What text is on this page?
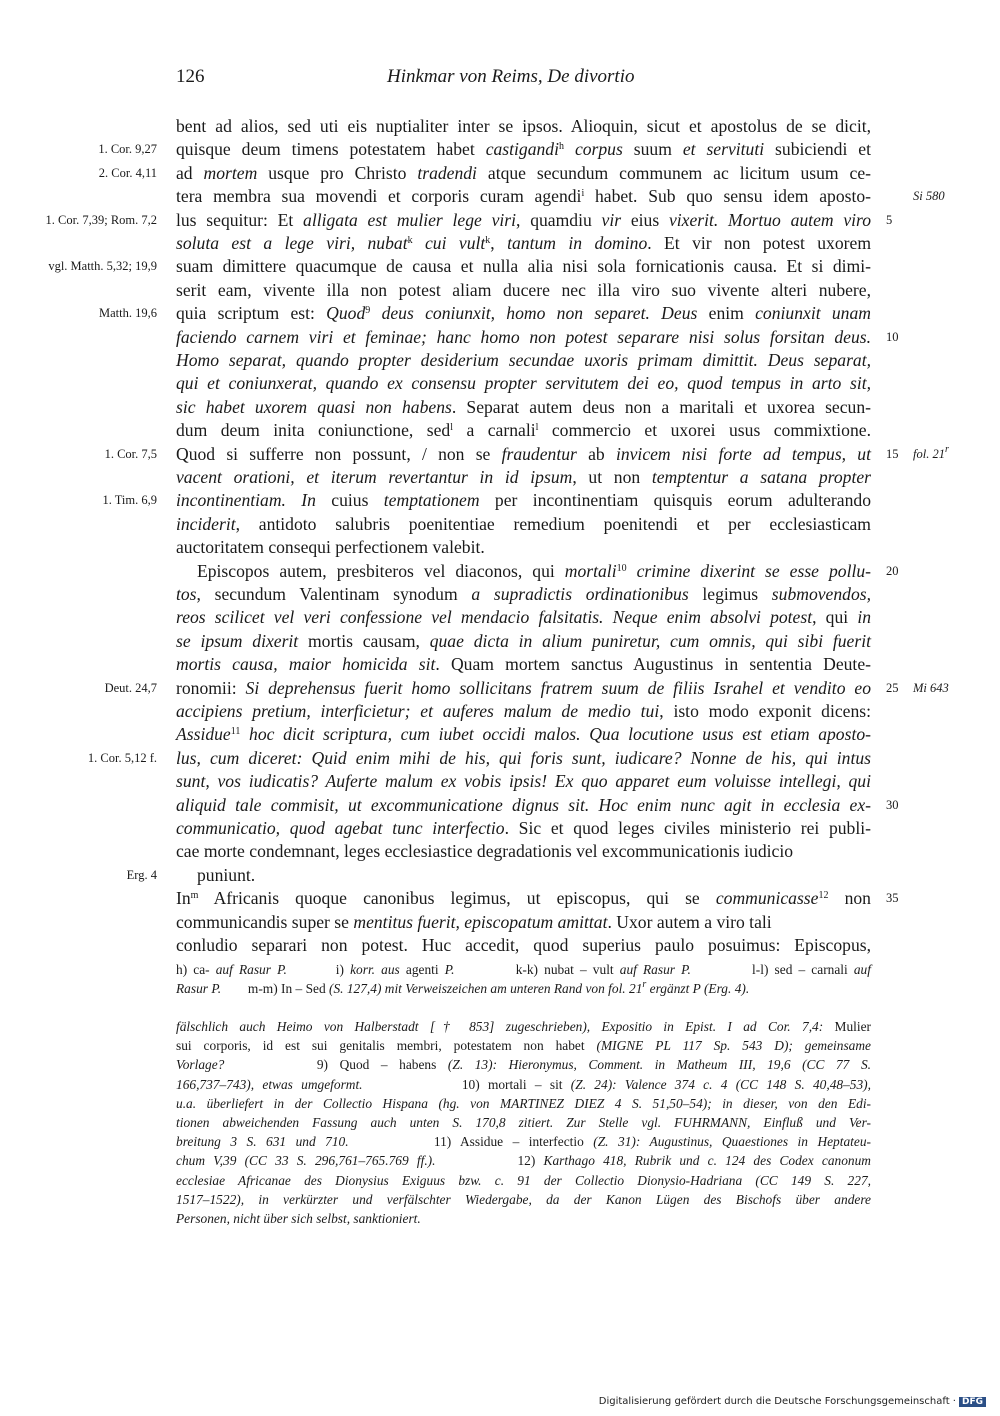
126	Hinkmar von Reims, De divortio
bent ad alios, sed uti eis nuptialiter inter se ipsos. Alioquin, sicut et apostolus de se dicit,
quisque deum timens potestatem habet castigandi$^h$ corpus suum et servituti subiciendi et
ad mortem usque pro Christo tradendi atque secundum communem ac licitum usum ce-
tera membra sua movendi et corporis curam agendi$^i$ habet. Sub quo sensu idem aposto-
lus sequitur: Et alligata est mulier lege viri, quamdiu vir eius vixerit. Mortuo autem viro
soluta est a lege viri, nubat$^k$ cui vult$^k$, tantum in domino. Et vir non potest uxorem
suam dimittere quacumque de causa et nulla alia nisi sola fornicationis causa. Et si dimi-
serit eam, vivente illa non potest aliam ducere nec illa viro suo vivente alteri nubere,
quia scriptum est: Quod$^9$ deus coniunxit, homo non separet. Deus enim coniunxit unam
faciendo carnem viri et feminae; hanc homo non potest separare nisi solus forsitan deus.
Homo separat, quando propter desiderium secundae uxoris primam dimittit. Deus separat,
qui et coniunxerat, quando ex consensu propter servitutem dei eo, quod tempus in arto sit,
sic habet uxorem quasi non habens. Separat autem deus non a maritali et uxorea secun-
dum deum inita coniunctione, sed$^l$ a carnali$^l$ commercio et uxorei usus commixtione.
Quod si sufferre non possunt, / non se fraudentur ab invicem nisi forte ad tempus, ut
vacent orationi, et iterum revertantur in id ipsum, ut non temptentur a satana propter
incontinentiam. In cuius temptationem per incontinentiam quisquis eorum adulterando
inciderit, antidoto salubris poenitentiae remedium poenitendi et per ecclesiasticam
auctoritatem consequi perfectionem valebit.
Episcopos autem, presbiteros vel diaconos, qui mortali$^{10}$ crimine dixerint se esse pollu-
tos, secundum Valentinam synodum a supradictis ordinationibus legimus submovendos,
reos scilicet vel veri confessione vel mendacio falsitatis. Neque enim absolvi potest, qui in
se ipsum dixerit mortis causam, quae dicta in alium puniretur, cum omnis, qui sibi fuerit
mortis causa, maior homicida sit. Quam mortem sanctus Augustinus in sententia Deute-
ronomii: Si deprehensus fuerit homo sollicitans fratrem suum de filiis Israhel et vendito eo
accipiens pretium, interficietur; et auferes malum de medio tui, isto modo exponit dicens:
Assidue$^{11}$ hoc dicit scriptura, cum iubet occidi malos. Qua locutione usus est etiam aposto-
lus, cum diceret: Quid enim mihi de his, qui foris sunt, iudicare? Nonne de his, qui intus
sunt, vos iudicatis? Auferte malum ex vobis ipsis! Ex quo apparet eum voluisse intellegi, qui
aliquid tale commisit, ut excommunicatione dignus sit. Hoc enim nunc agit in ecclesia ex-
communicatio, quod agebat tunc interfectio. Sic et quod leges civiles ministerio rei publi-
cae morte condemnant, leges ecclesiastice degradationis vel excommunicationis iudicio
puniunt.
In$^m$ Africanis quoque canonibus legimus, ut episcopus, qui se communicasse$^{12}$ non
communicandis super se mentitus fuerit, episcopatum amittat. Uxor autem a viro tali
conludio separari non potest. Huc accedit, quod superius paulo posuimus: Episcopus,
1. Cor. 9,27
2. Cor. 4,11
1. Cor. 7,39; Rom. 7,2
vgl. Matth. 5,32; 19,9
Matth. 19,6
1. Cor. 7,5
1. Tim. 6,9
Deut. 24,7
1. Cor. 5,12 f.
Erg. 4
5
10
15
20
25
30
35
Si 580
fol. 21$^r$
Mi 643
h) ca- auf Rasur P.        i) korr. aus agenti P.          k-k) nubat – vult auf Rasur P.          l-l) sed – carnali auf
Rasur P.        m-m) In – Sed (S. 127,4) mit Verweiszeichen am unteren Rand von fol. 21$^r$ ergänzt P (Erg. 4).
fälschlich auch Heimo von Halberstadt [† 853] zugeschrieben), Expositio in Epist. I ad Cor. 7,4: Mulier
sui corporis, id est sui genitalis membri, potestatem non habet (MIGNE PL 117 Sp. 543 D); gemeinsame
Vorlage?        9) Quod – habens (Z. 13): Hieronymus, Comment. in Matheum III, 19,6 (CC 77 S.
166,737–743), etwas umgeformt.            10) mortali – sit (Z. 24): Valence 374 c. 4 (CC 148 S. 40,48–53),
u.a. überliefert in der Collectio Hispana (hg. von MARTINEZ DIEZ 4 S. 51,50–54); in dieser, von den Edi-
tionen abweichenden Fassung auch unten S. 170,8 zitiert. Zur Stelle vgl. FUHRMANN, Einfluß und Ver-
breitung 3 S. 631 und 710.         11) Assidue – interfectio (Z. 31): Augustinus, Quaestiones in Heptateu-
chum V,39 (CC 33 S. 296,761–765.769 ff.).          12) Karthago 418, Rubrik und c. 124 des Codex canonum
ecclesiae Africanae des Dionysius Exiguus bzw. c. 91 der Collectio Dionysio-Hadriana (CC 149 S. 227,
1517–1522), in verkürzter und verfälschter Wiedergabe, da der Kanon Lügen des Bischofs über andere
Personen, nicht über sich selbst, sanktioniert.
Digitalisierung gefördert durch die Deutsche Forschungsgemeinschaft · DFG
